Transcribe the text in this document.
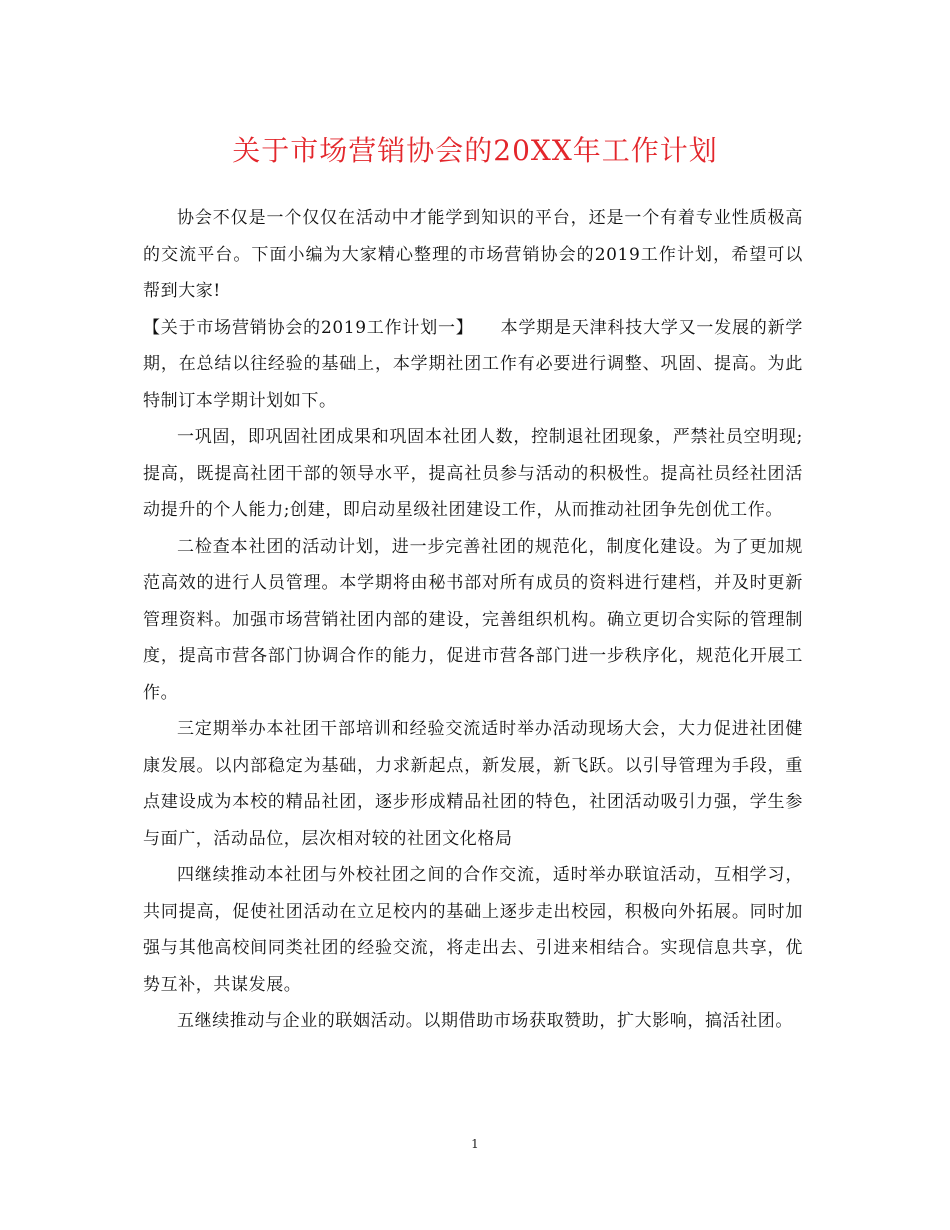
关于市场营销协会的20XX年工作计划

协会不仅是一个仅仅在活动中才能学到知识的平台，还是一个有着专业性质极高的交流平台。下面小编为大家精心整理的市场营销协会的2019工作计划，希望可以帮到大家!

【关于市场营销协会的2019工作计划一】　　本学期是天津科技大学又一发展的新学期，在总结以往经验的基础上，本学期社团工作有必要进行调整、巩固、提高。为此特制订本学期计划如下。

一巩固，即巩固社团成果和巩固本社团人数，控制退社团现象，严禁社员空明现;提高，既提高社团干部的领导水平，提高社员参与活动的积极性。提高社员经社团活动提升的个人能力;创建，即启动星级社团建设工作，从而推动社团争先创优工作。

二检查本社团的活动计划，进一步完善社团的规范化，制度化建设。为了更加规范高效的进行人员管理。本学期将由秘书部对所有成员的资料进行建档，并及时更新管理资料。加强市场营销社团内部的建设，完善组织机构。确立更切合实际的管理制度，提高市营各部门协调合作的能力，促进市营各部门进一步秩序化，规范化开展工作。

三定期举办本社团干部培训和经验交流适时举办活动现场大会，大力促进社团健康发展。以内部稳定为基础，力求新起点，新发展，新飞跃。以引导管理为手段，重点建设成为本校的精品社团，逐步形成精品社团的特色，社团活动吸引力强，学生参与面广，活动品位，层次相对较的社团文化格局

四继续推动本社团与外校社团之间的合作交流，适时举办联谊活动，互相学习，共同提高，促使社团活动在立足校内的基础上逐步走出校园，积极向外拓展。同时加强与其他高校间同类社团的经验交流，将走出去、引进来相结合。实现信息共享，优势互补，共谋发展。

五继续推动与企业的联姻活动。以期借助市场获取赞助，扩大影响，搞活社团。

1
